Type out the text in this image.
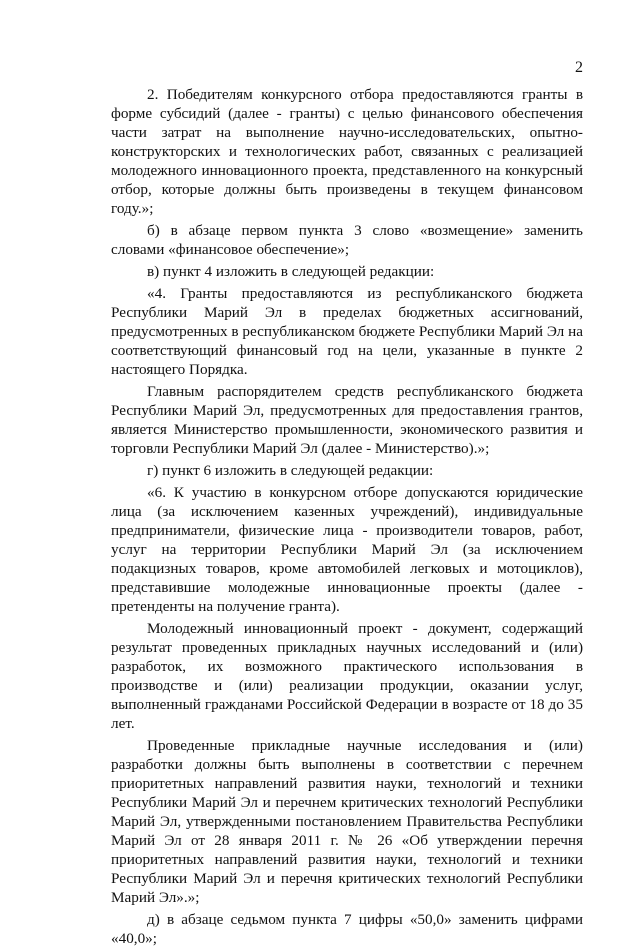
2

2. Победителям конкурсного отбора предоставляются гранты в форме субсидий (далее - гранты) с целью финансового обеспечения части затрат на выполнение научно-исследовательских, опытно-конструкторских и технологических работ, связанных с реализацией молодежного инновационного проекта, представленного на конкурсный отбор, которые должны быть произведены в текущем финансовом году.»;

б) в абзаце первом пункта 3 слово «возмещение» заменить словами «финансовое обеспечение»;

в) пункт 4 изложить в следующей редакции:

«4. Гранты предоставляются из республиканского бюджета Республики Марий Эл в пределах бюджетных ассигнований, предусмотренных в республиканском бюджете Республики Марий Эл на соответствующий финансовый год на цели, указанные в пункте 2 настоящего Порядка.

Главным распорядителем средств республиканского бюджета Республики Марий Эл, предусмотренных для предоставления грантов, является Министерство промышленности, экономического развития и торговли Республики Марий Эл (далее - Министерство).»;

г) пункт 6 изложить в следующей редакции:

«6. К участию в конкурсном отборе допускаются юридические лица (за исключением казенных учреждений), индивидуальные предприниматели, физические лица - производители товаров, работ, услуг на территории Республики Марий Эл (за исключением подакцизных товаров, кроме автомобилей легковых и мотоциклов), представившие молодежные инновационные проекты (далее - претенденты на получение гранта).

Молодежный инновационный проект - документ, содержащий результат проведенных прикладных научных исследований и (или) разработок, их возможного практического использования в производстве и (или) реализации продукции, оказании услуг, выполненный гражданами Российской Федерации в возрасте от 18 до 35 лет.

Проведенные прикладные научные исследования и (или) разработки должны быть выполнены в соответствии с перечнем приоритетных направлений развития науки, технологий и техники Республики Марий Эл и перечнем критических технологий Республики Марий Эл, утвержденными постановлением Правительства Республики Марий Эл от 28 января 2011 г. № 26 «Об утверждении перечня приоритетных направлений развития науки, технологий и техники Республики Марий Эл и перечня критических технологий Республики Марий Эл».»;

д) в абзаце седьмом пункта 7 цифры «50,0» заменить цифрами «40,0»;
